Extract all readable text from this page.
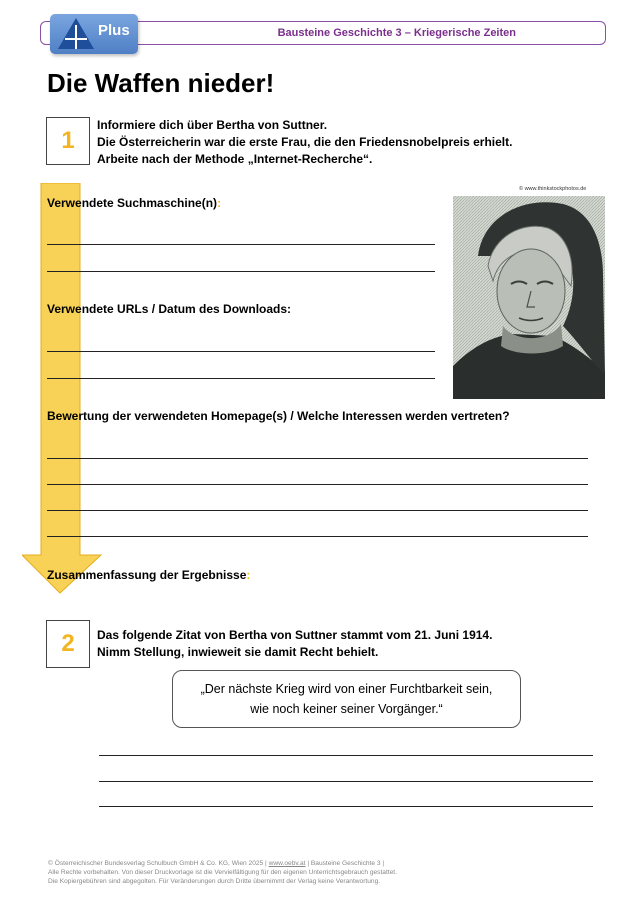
Plus	Bausteine Geschichte 3 – Kriegerische Zeiten
Die Waffen nieder!
1
Informiere dich über Bertha von Suttner.
Die Österreicherin war die erste Frau, die den Friedensnobelpreis erhielt.
Arbeite nach der Methode „Internet-Recherche“.
© www.thinkstockphotos.de
Verwendete Suchmaschine(n):
Verwendete URLs / Datum des Downloads:
Bewertung der verwendeten Homepage(s) / Welche Interessen werden vertreten?
Zusammenfassung der Ergebnisse:
2	Das folgende Zitat von Bertha von Suttner stammt vom 21. Juni 1914.
Nimm Stellung, inwieweit sie damit Recht behielt.
„Der nächste Krieg wird von einer Furchtbarkeit sein,
wie noch keiner seiner Vorgänger.“
© Österreichischer Bundesverlag Schulbuch GmbH & Co. KG, Wien 2025 | www.oebv.at | Bausteine Geschichte 3 |
Alle Rechte vorbehalten. Von dieser Druckvorlage ist die Vervielfältigung für den eigenen Unterrichtsgebrauch gestattet.
Die Kopiergebühren sind abgegolten. Für Veränderungen durch Dritte übernimmt der Verlag keine Verantwortung.
